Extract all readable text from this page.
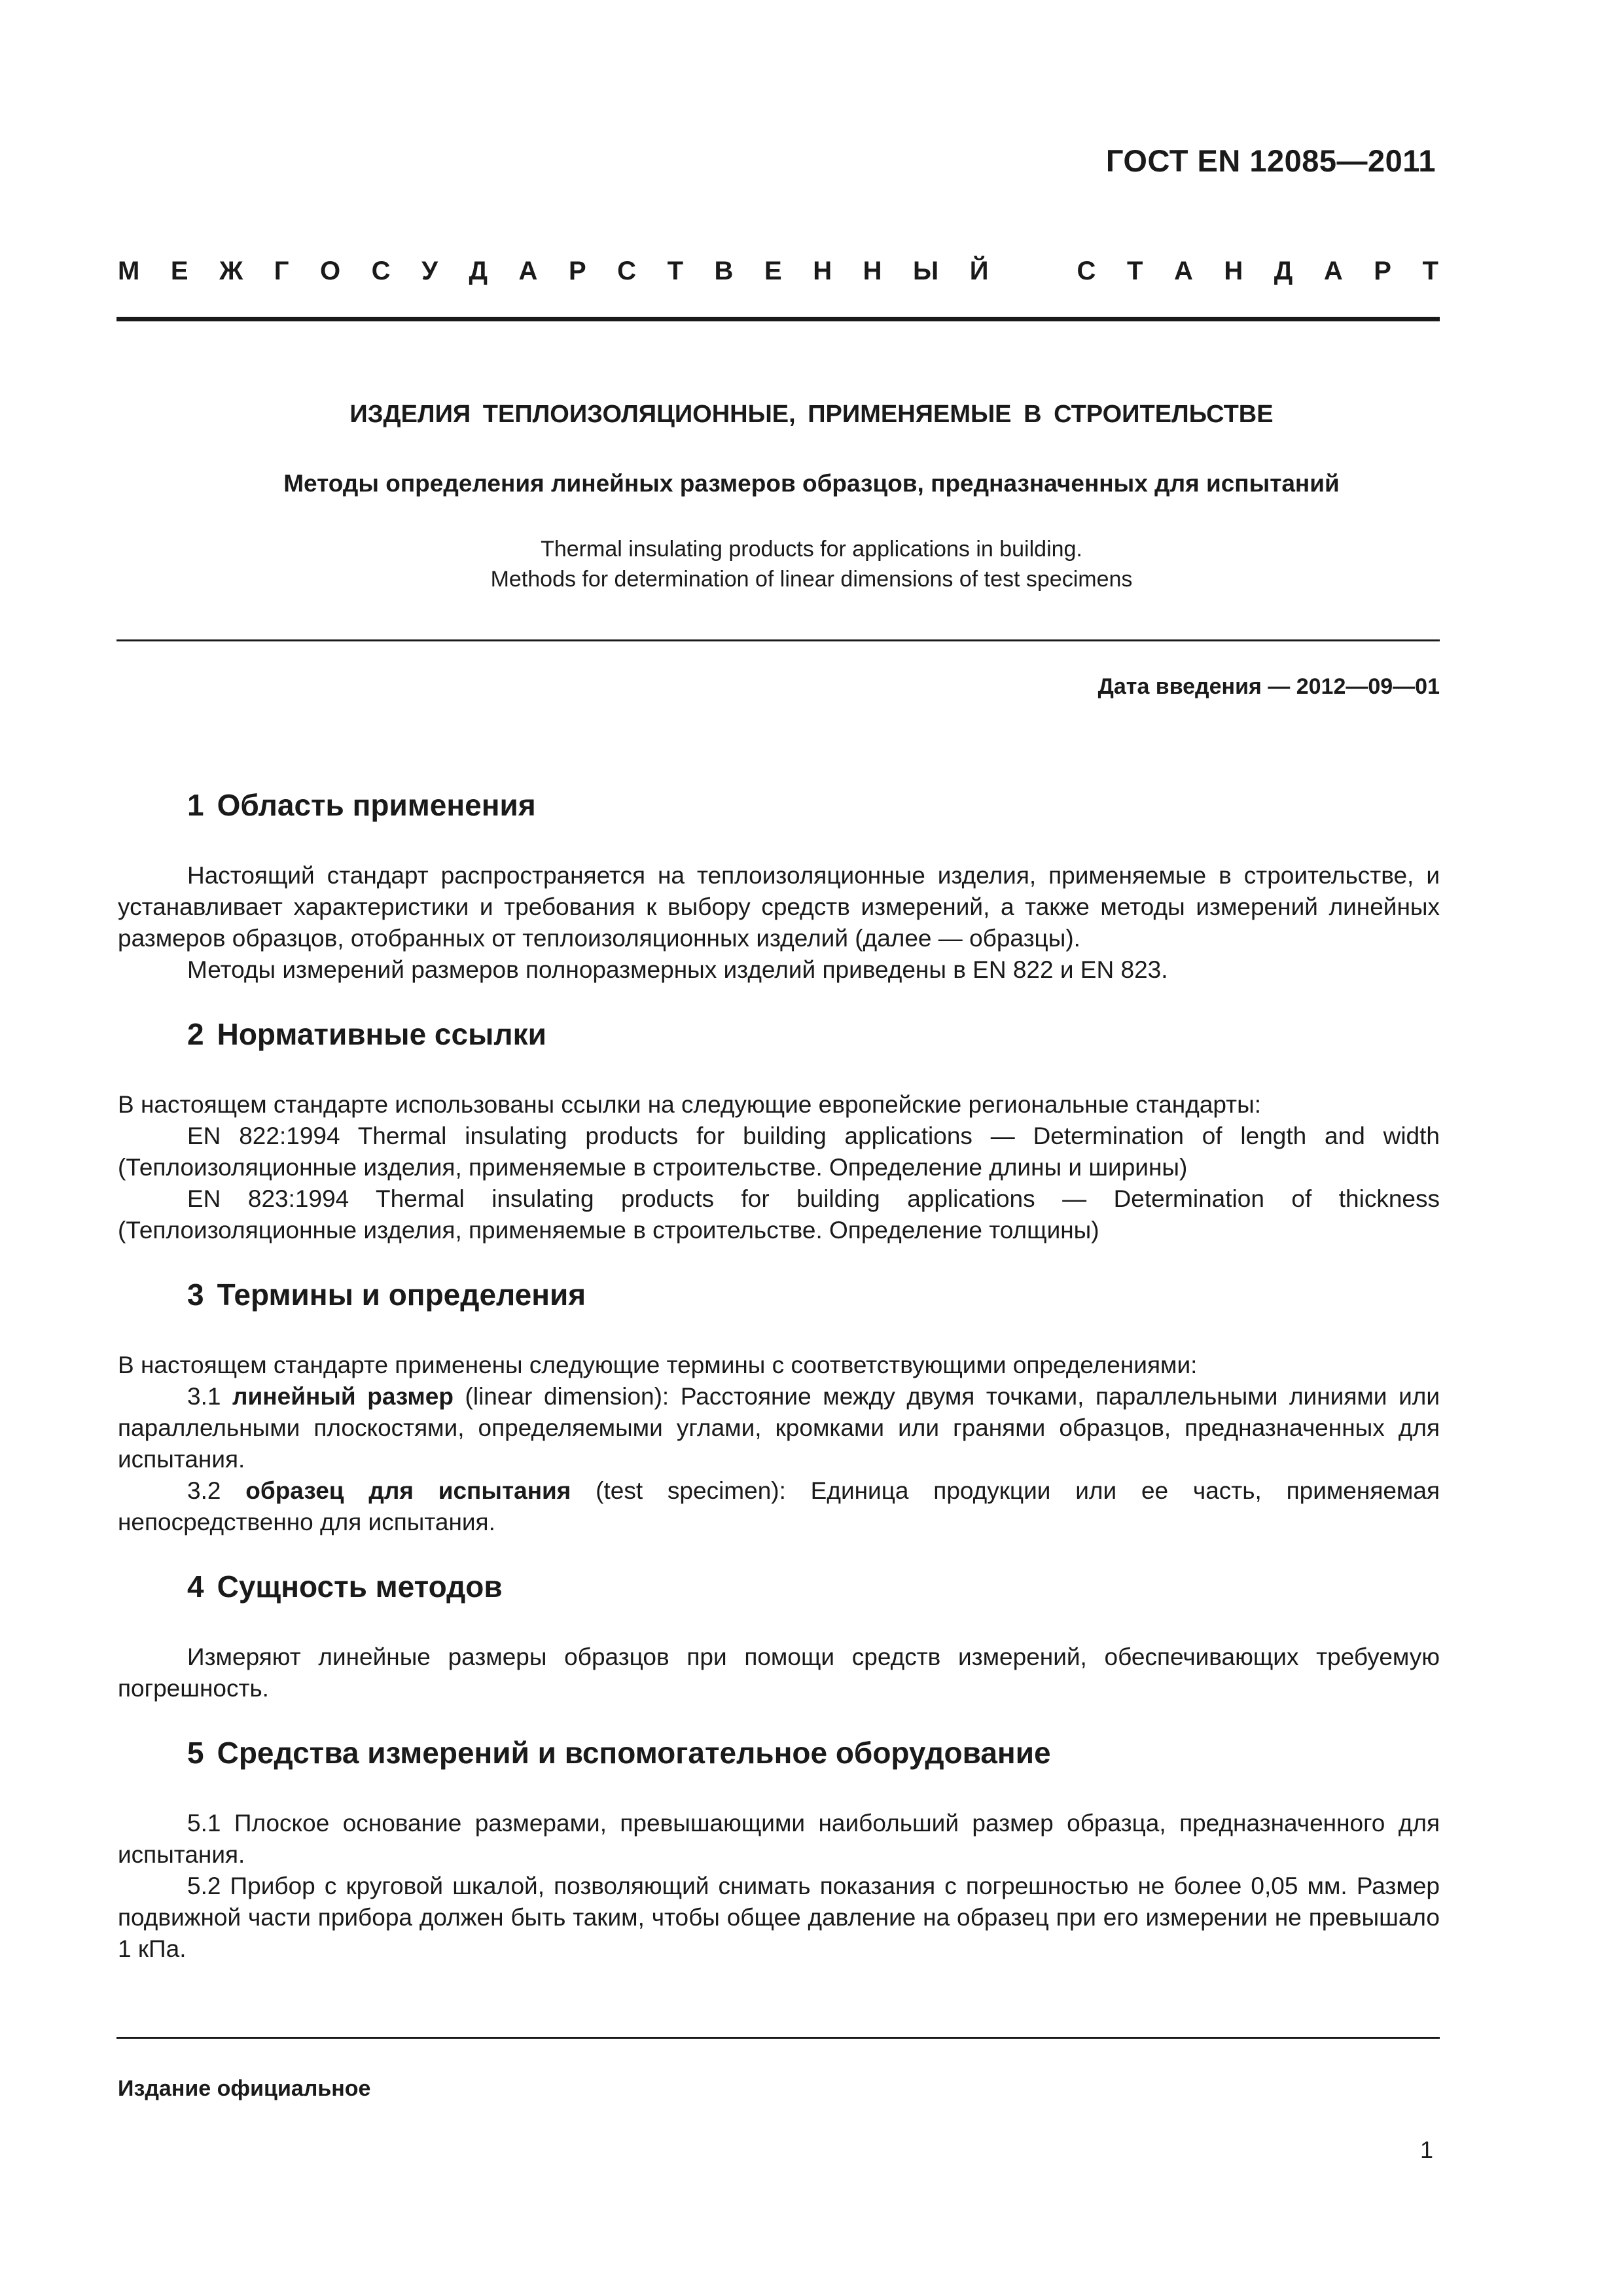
ГОСТ EN 12085—2011
М Е Ж Г О С У Д А Р С Т В Е Н Н Ы Й	С Т А Н Д А Р Т
ИЗДЕЛИЯ ТЕПЛОИЗОЛЯЦИОННЫЕ, ПРИМЕНЯЕМЫЕ В СТРОИТЕЛЬСТВЕ
Методы определения линейных размеров образцов, предназначенных для испытаний
Thermal insulating products for applications in building.
Methods for determination of linear dimensions of test specimens
Дата введения — 2012—09—01
1 Область применения

Настоящий стандарт распространяется на теплоизоляционные изделия, применяемые в строительстве, и устанавливает характеристики и требования к выбору средств измерений, а также методы измерений линейных размеров образцов, отобранных от теплоизоляционных изделий (далее — образцы).

Методы измерений размеров полноразмерных изделий приведены в EN 822 и EN 823.

2 Нормативные ссылки

В настоящем стандарте использованы ссылки на следующие европейские региональные стандарты:

EN 822:1994 Thermal insulating products for building applications — Determination of length and width (Теплоизоляционные изделия, применяемые в строительстве. Определение длины и ширины)

EN 823:1994 Thermal insulating products for building applications — Determination of thickness (Теплоизоляционные изделия, применяемые в строительстве. Определение толщины)

3 Термины и определения

В настоящем стандарте применены следующие термины с соответствующими определениями:

3.1 линейный размер (linear dimension): Расстояние между двумя точками, параллельными линиями или параллельными плоскостями, определяемыми углами, кромками или гранями образцов, предназначенных для испытания.

3.2 образец для испытания (test specimen): Единица продукции или ее часть, применяемая непосредственно для испытания.

4 Сущность методов

Измеряют линейные размеры образцов при помощи средств измерений, обеспечивающих требуемую погрешность.

5 Средства измерений и вспомогательное оборудование

5.1 Плоское основание размерами, превышающими наибольший размер образца, предназначенного для испытания.

5.2 Прибор с круговой шкалой, позволяющий снимать показания с погрешностью не более 0,05 мм. Размер подвижной части прибора должен быть таким, чтобы общее давление на образец при его измерении не превышало 1 кПа.

Издание официальное
1
